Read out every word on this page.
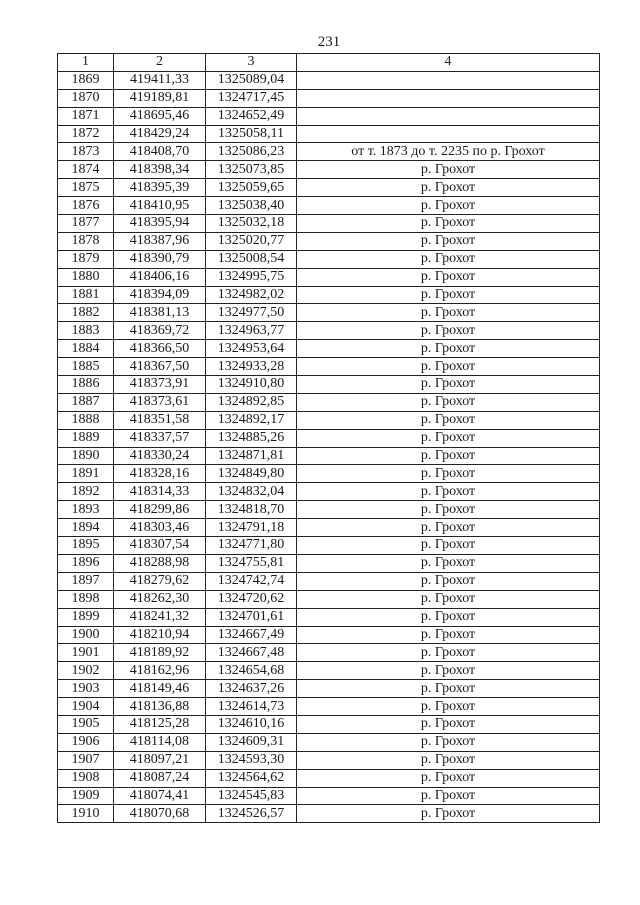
231
1	2	3	4
1869	419411,33	1325089,04	
1870	419189,81	1324717,45	
1871	418695,46	1324652,49	
1872	418429,24	1325058,11	
1873	418408,70	1325086,23	от т. 1873 до т. 2235 по р. Грохот
1874	418398,34	1325073,85	р. Грохот
1875	418395,39	1325059,65	р. Грохот
1876	418410,95	1325038,40	р. Грохот
1877	418395,94	1325032,18	р. Грохот
1878	418387,96	1325020,77	р. Грохот
1879	418390,79	1325008,54	р. Грохот
1880	418406,16	1324995,75	р. Грохот
1881	418394,09	1324982,02	р. Грохот
1882	418381,13	1324977,50	р. Грохот
1883	418369,72	1324963,77	р. Грохот
1884	418366,50	1324953,64	р. Грохот
1885	418367,50	1324933,28	р. Грохот
1886	418373,91	1324910,80	р. Грохот
1887	418373,61	1324892,85	р. Грохот
1888	418351,58	1324892,17	р. Грохот
1889	418337,57	1324885,26	р. Грохот
1890	418330,24	1324871,81	р. Грохот
1891	418328,16	1324849,80	р. Грохот
1892	418314,33	1324832,04	р. Грохот
1893	418299,86	1324818,70	р. Грохот
1894	418303,46	1324791,18	р. Грохот
1895	418307,54	1324771,80	р. Грохот
1896	418288,98	1324755,81	р. Грохот
1897	418279,62	1324742,74	р. Грохот
1898	418262,30	1324720,62	р. Грохот
1899	418241,32	1324701,61	р. Грохот
1900	418210,94	1324667,49	р. Грохот
1901	418189,92	1324667,48	р. Грохот
1902	418162,96	1324654,68	р. Грохот
1903	418149,46	1324637,26	р. Грохот
1904	418136,88	1324614,73	р. Грохот
1905	418125,28	1324610,16	р. Грохот
1906	418114,08	1324609,31	р. Грохот
1907	418097,21	1324593,30	р. Грохот
1908	418087,24	1324564,62	р. Грохот
1909	418074,41	1324545,83	р. Грохот
1910	418070,68	1324526,57	р. Грохот
